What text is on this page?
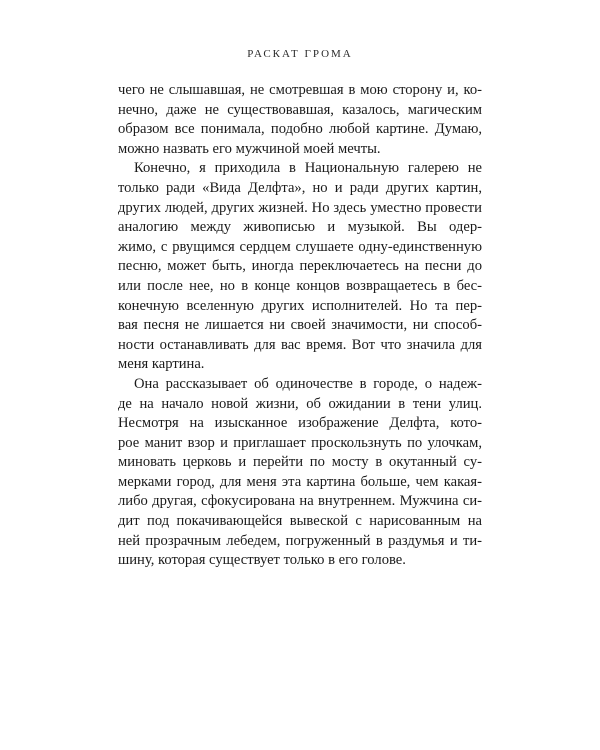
РАСКАТ ГРОМА
чего не слышавшая, не смотревшая в мою сторону и, ко-
нечно, даже не существовавшая, казалось, магическим
образом все понимала, подобно любой картине. Думаю,
можно назвать его мужчиной моей мечты.
Конечно, я приходила в Национальную галерею не
только ради «Вида Делфта», но и ради других картин,
других людей, других жизней. Но здесь уместно провести
аналогию между живописью и музыкой. Вы одер-
жимо, с рвущимся сердцем слушаете одну-единственную
песню, может быть, иногда переключаетесь на песни до
или после нее, но в конце концов возвращаетесь в бес-
конечную вселенную других исполнителей. Но та пер-
вая песня не лишается ни своей значимости, ни способ-
ности останавливать для вас время. Вот что значила для
меня картина.
Она рассказывает об одиночестве в городе, о надеж-
де на начало новой жизни, об ожидании в тени улиц.
Несмотря на изысканное изображение Делфта, кото-
рое манит взор и приглашает проскользнуть по улочкам,
миновать церковь и перейти по мосту в окутанный су-
мерками город, для меня эта картина больше, чем какая-
либо другая, сфокусирована на внутреннем. Мужчина си-
дит под покачивающейся вывеской с нарисованным на
ней прозрачным лебедем, погруженный в раздумья и ти-
шину, которая существует только в его голове.
